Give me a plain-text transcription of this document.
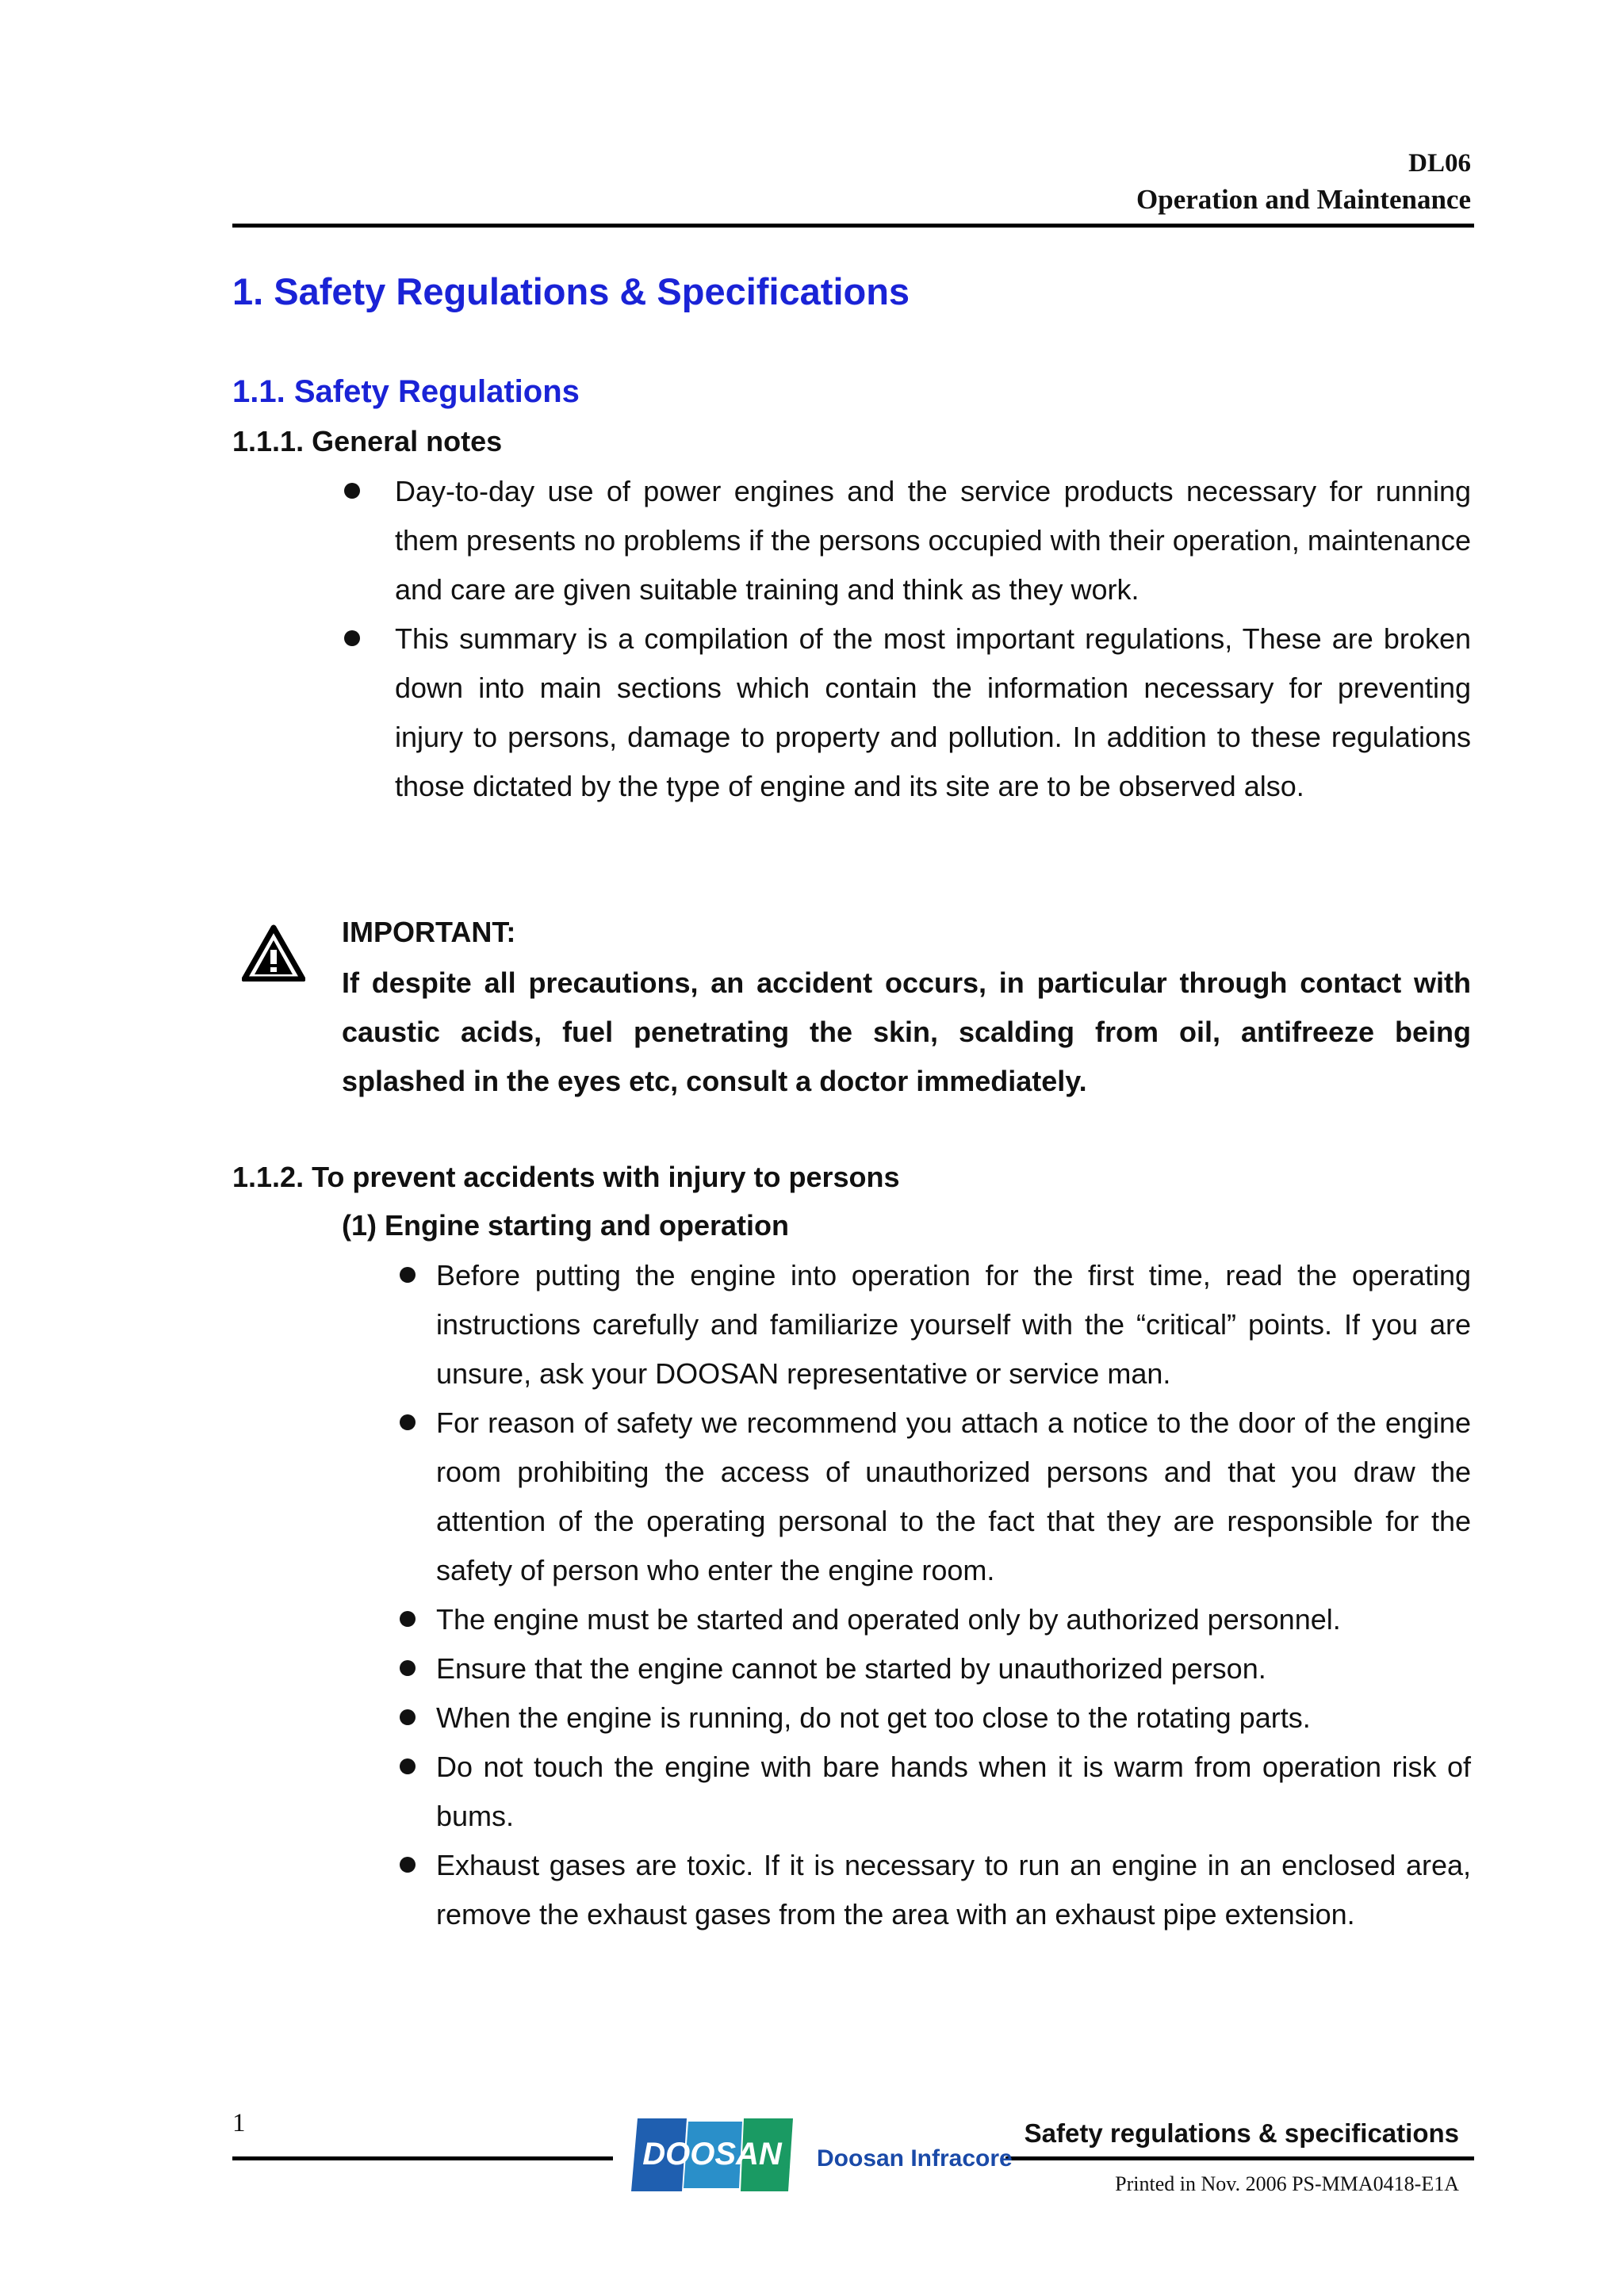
DL06
Operation and Maintenance
1. Safety Regulations & Specifications
1.1. Safety Regulations
1.1.1. General notes
Day-to-day use of power engines and the service products necessary for running them presents no problems if the persons occupied with their operation, maintenance and care are given suitable training and think as they work.
This summary is a compilation of the most important regulations, These are broken down into main sections which contain the information necessary for preventing injury to persons, damage to property and pollution. In addition to these regulations those dictated by the type of engine and its site are to be observed also.
IMPORTANT:
If despite all precautions, an accident occurs, in particular through contact with caustic acids, fuel penetrating the skin, scalding from oil, antifreeze being splashed in the eyes etc, consult a doctor immediately.
1.1.2. To prevent accidents with injury to persons
(1) Engine starting and operation
Before putting the engine into operation for the first time, read the operating instructions carefully and familiarize yourself with the “critical” points. If you are unsure, ask your DOOSAN representative or service man.
For reason of safety we recommend you attach a notice to the door of the engine room prohibiting the access of unauthorized persons and that you draw the attention of the operating personal to the fact that they are responsible for the safety of person who enter the engine room.
The engine must be started and operated only by authorized personnel.
Ensure that the engine cannot be started by unauthorized person.
When the engine is running, do not get too close to the rotating parts.
Do not touch the engine with bare hands when it is warm from operation risk of bums.
Exhaust gases are toxic. If it is necessary to run an engine in an enclosed area, remove the exhaust gases from the area with an exhaust pipe extension.
1
DOOSAN Doosan Infracore
Safety regulations & specifications
Printed in Nov. 2006 PS-MMA0418-E1A
